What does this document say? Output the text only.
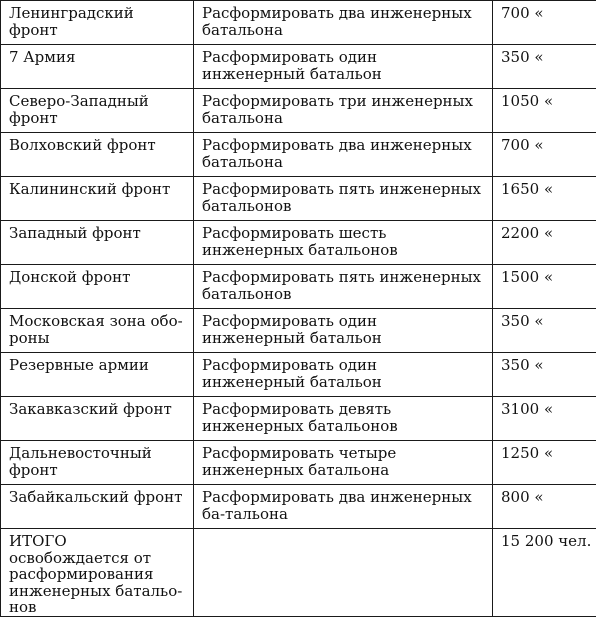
Ленинградский фронт	Расформировать два инженерных батальона	700 «
7 Армия	Расформировать один инженерный батальон	350 «
Северо-Западный фронт	Расформировать три инженерных батальона	1050 «
Волховский фронт	Расформировать два инженерных батальона	700 «
Калининский фронт	Расформировать пять инженерных батальонов	1650 «
Западный фронт	Расформировать шесть инженерных батальонов	2200 «
Донской фронт	Расформировать пять инженерных батальонов	1500 «
Московская зона обо-роны	Расформировать один инженерный батальон	350 «
Резервные армии	Расформировать один инженерный батальон	350 «
Закавказский фронт	Расформировать девять инженерных батальонов	3100 «
Дальневосточный фронт	Расформировать четыре инженерных батальона	1250 «
Забайкальский фронт	Расформировать два инженерных ба-тальона	800 «
ИТОГО освобождается от расформирования инженерных батальо-нов		15 200 чел.
